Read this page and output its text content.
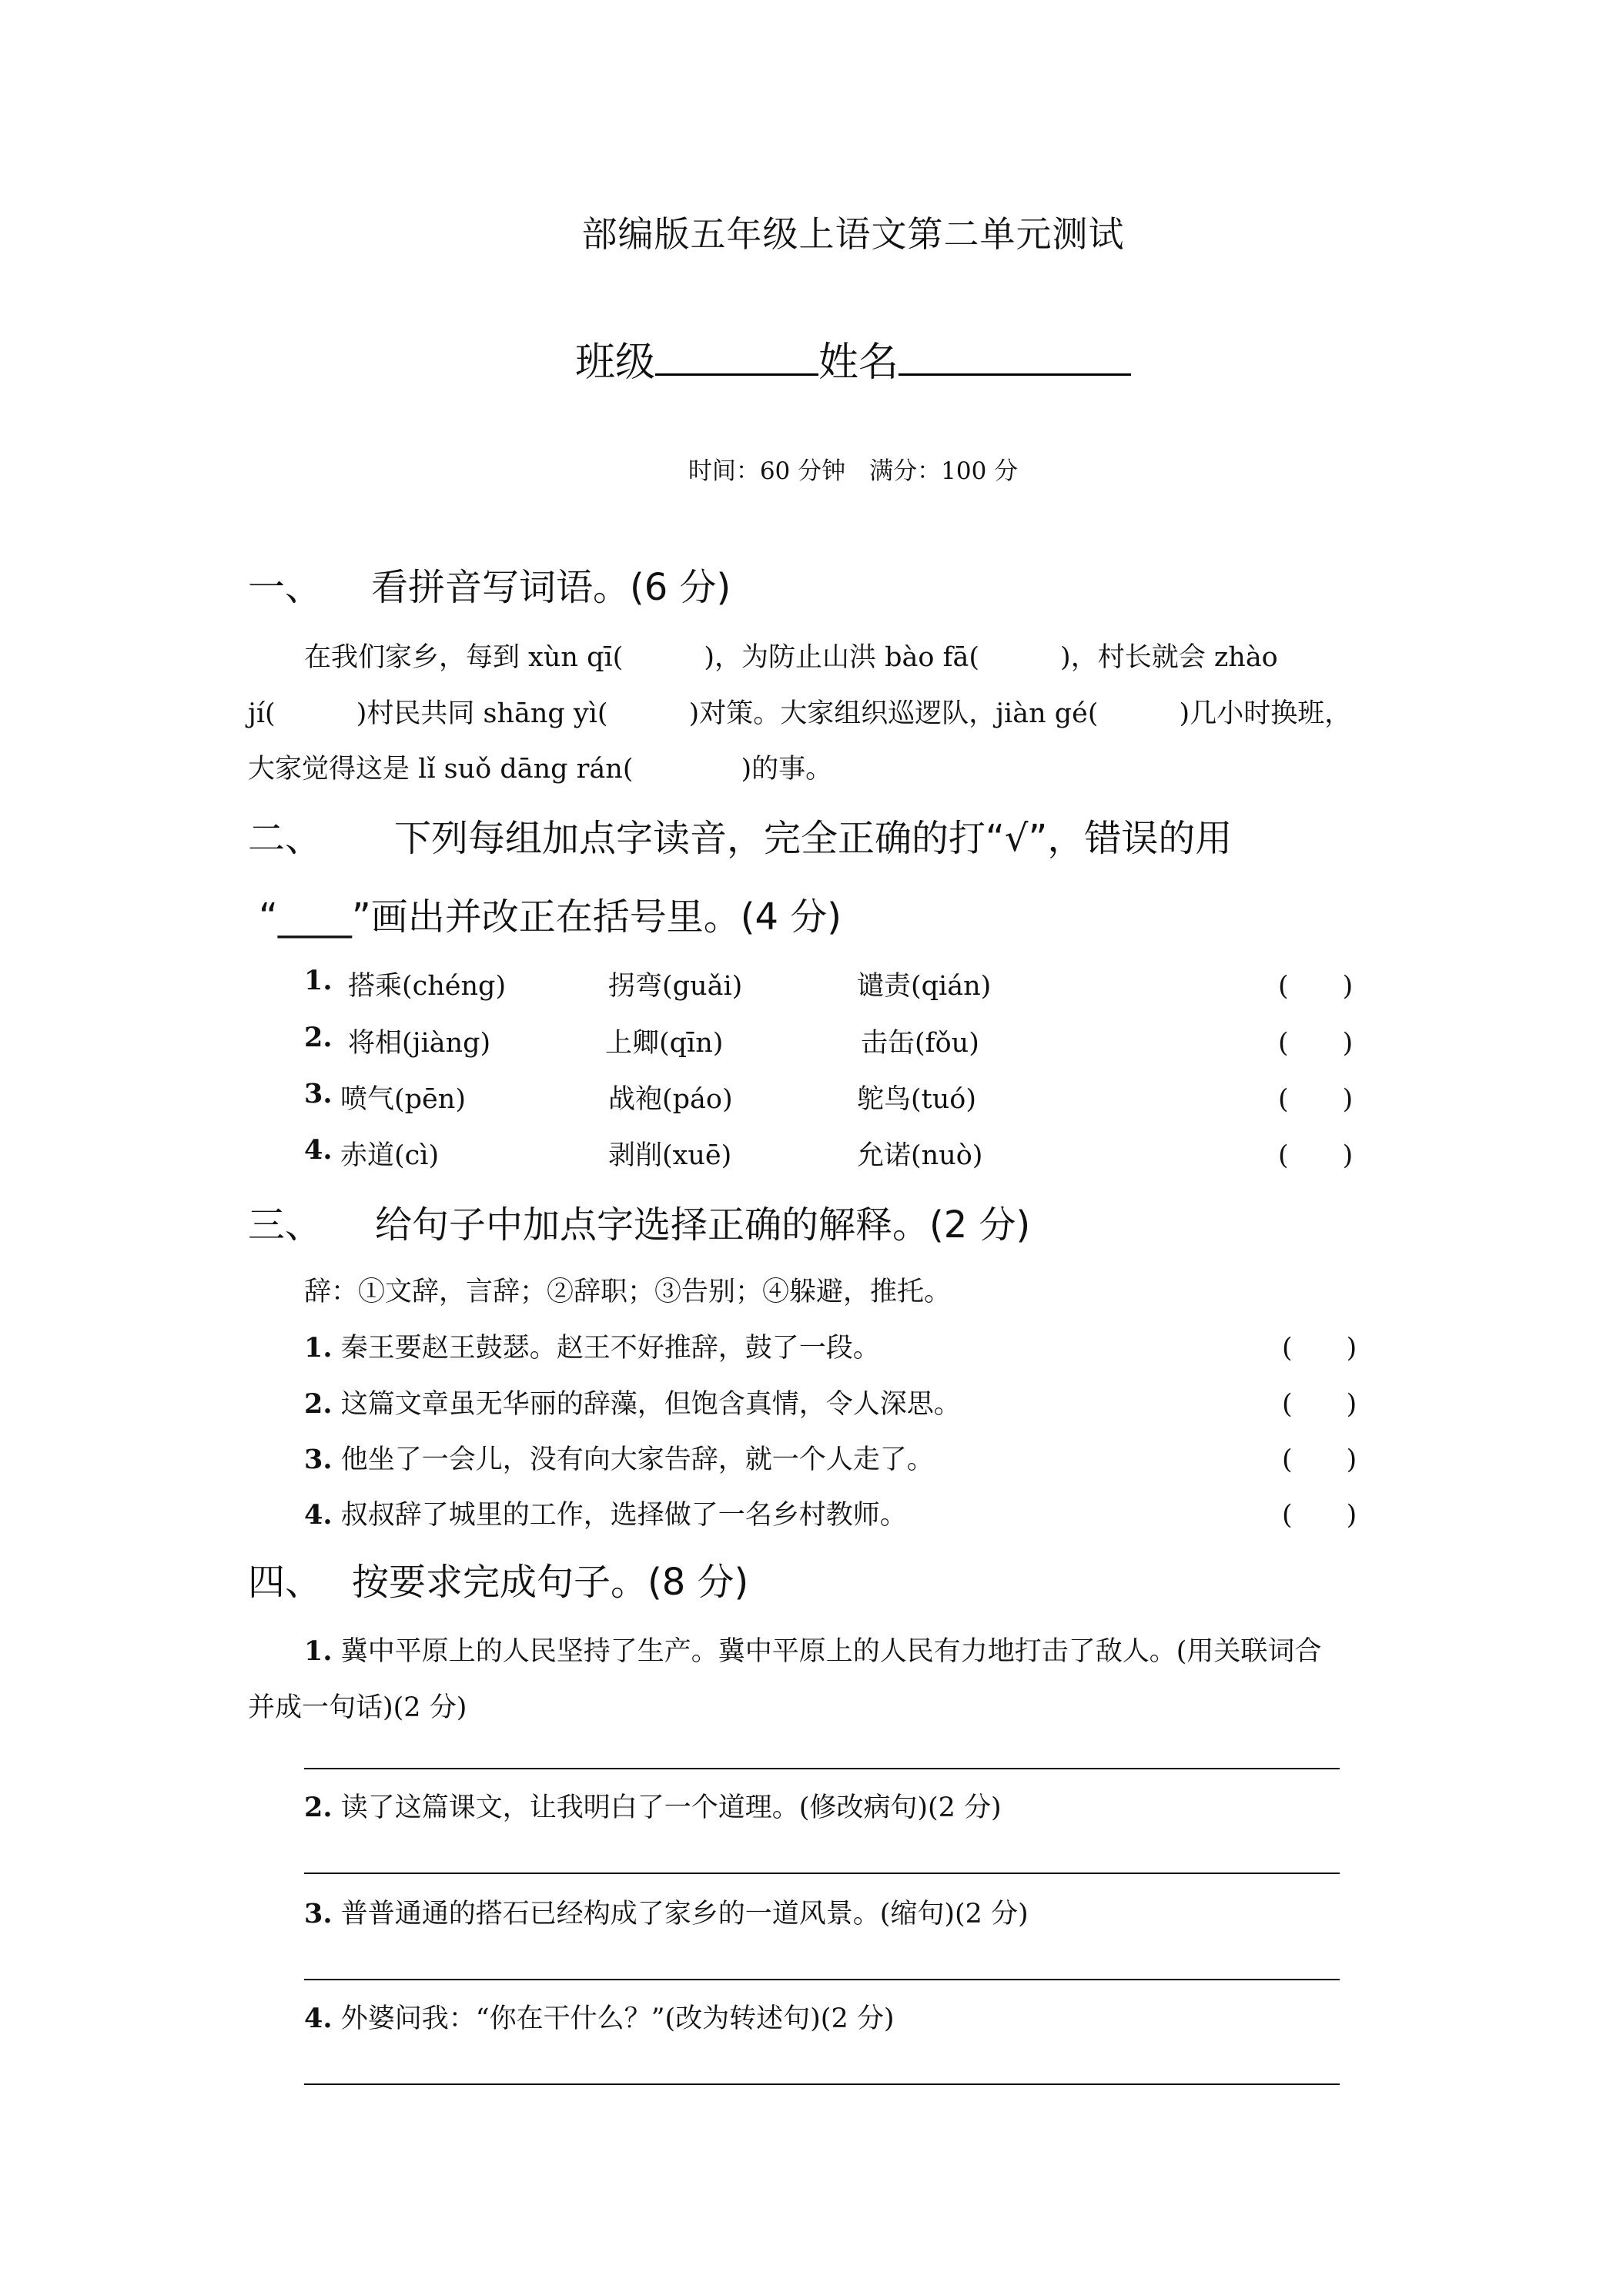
部编版五年级上语文第二单元测试
班级	姓名
时间：60 分钟　满分：100 分
一、 看拼音写词语。(6 分)
在我们家乡，每到 xùn qī(　　　)，为防止山洪 bào fā(　　　)，村长就会 zhào
jí(　　　)村民共同 shāng yì(　　　)对策。大家组织巡逻队，jiàn gé(　　　)几小时换班，
大家觉得这是 lǐ suǒ dāng rán(　　　　)的事。
二、 下列每组加点字读音，完全正确的打“√”，错误的用
“____”画出并改正在括号里。(4 分)
1. 搭乘(chéng)	拐弯(guǎi)	谴责(qián)	(　　)
2. 将相(jiàng)	上卿(qīn)	击缶(fǒu)	(　　)
3. 喷气(pēn)	战袍(páo)	鸵鸟(tuó)	(　　)
4. 赤道(cì)	剥削(xuē)	允诺(nuò)	(　　)
三、 给句子中加点字选择正确的解释。(2 分)
辞：①文辞，言辞；②辞职；③告别；④躲避，推托。
1. 秦王要赵王鼓瑟。赵王不好推辞，鼓了一段。	(　　)
2. 这篇文章虽无华丽的辞藻，但饱含真情，令人深思。	(　　)
3. 他坐了一会儿，没有向大家告辞，就一个人走了。	(　　)
4. 叔叔辞了城里的工作，选择做了一名乡村教师。	(　　)
四、 按要求完成句子。(8 分)
1. 冀中平原上的人民坚持了生产。冀中平原上的人民有力地打击了敌人。(用关联词合
并成一句话)(2 分)
2. 读了这篇课文，让我明白了一个道理。(修改病句)(2 分)
3. 普普通通的搭石已经构成了家乡的一道风景。(缩句)(2 分)
4. 外婆问我：“你在干什么？”(改为转述句)(2 分)
